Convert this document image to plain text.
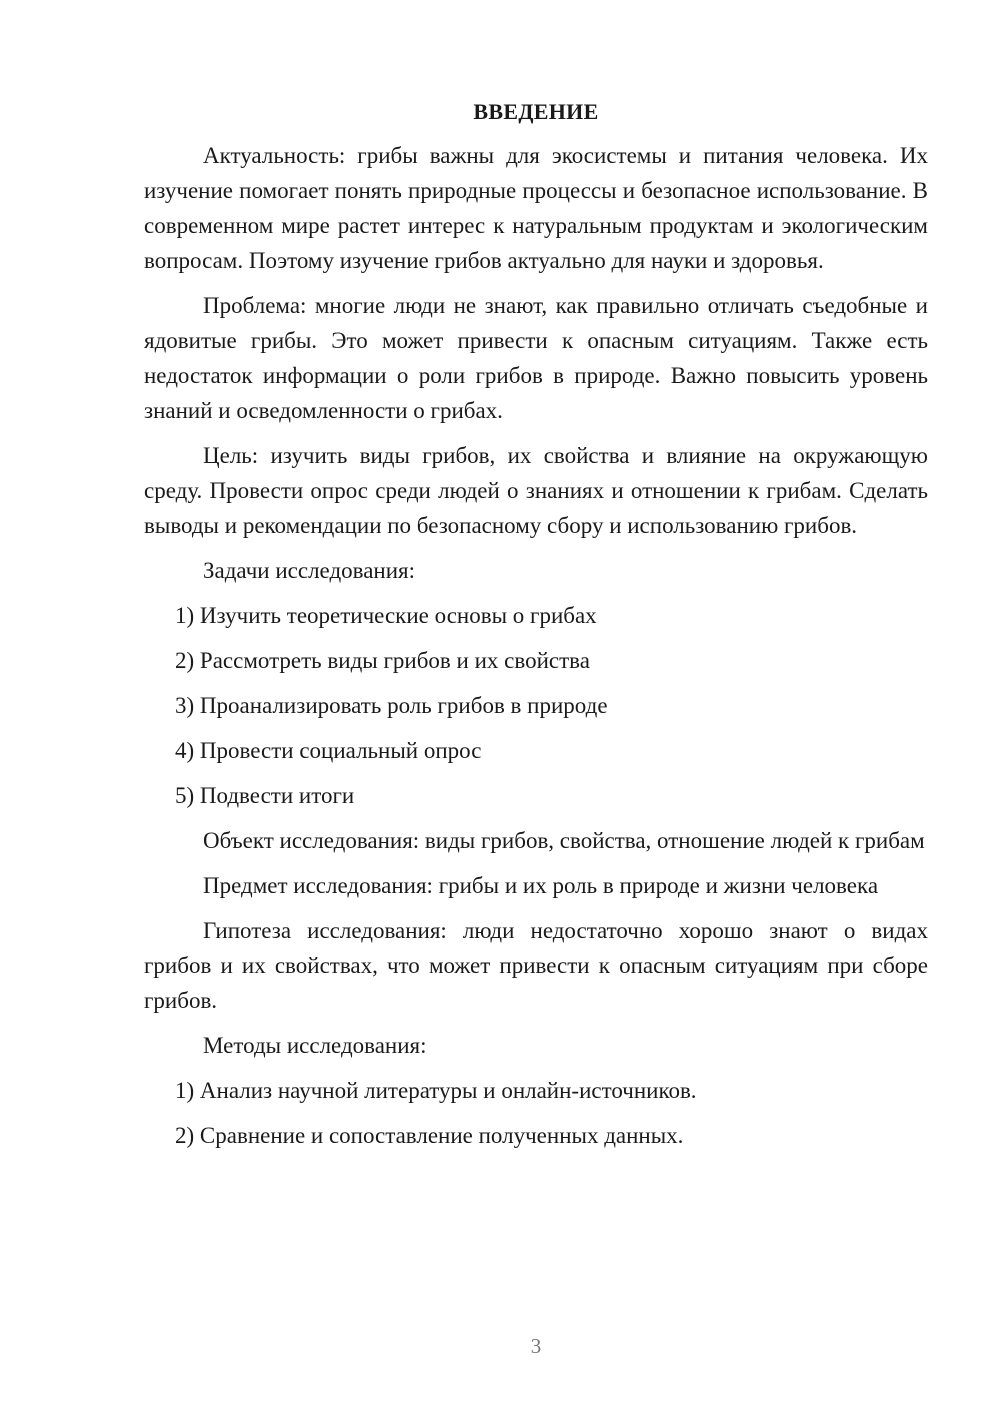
ВВЕДЕНИЕ

Актуальность: грибы важны для экосистемы и питания человека. Их изучение помогает понять природные процессы и безопасное использование. В современном мире растет интерес к натуральным продуктам и экологическим вопросам. Поэтому изучение грибов актуально для науки и здоровья.

Проблема: многие люди не знают, как правильно отличать съедобные и ядовитые грибы. Это может привести к опасным ситуациям. Также есть недостаток информации о роли грибов в природе. Важно повысить уровень знаний и осведомленности о грибах.

Цель: изучить виды грибов, их свойства и влияние на окружающую среду. Провести опрос среди людей о знаниях и отношении к грибам. Сделать выводы и рекомендации по безопасному сбору и использованию грибов.

Задачи исследования:
1) Изучить теоретические основы о грибах
2) Рассмотреть виды грибов и их свойства
3) Проанализировать роль грибов в природе
4) Провести социальный опрос
5) Подвести итоги

Объект исследования: виды грибов, свойства, отношение людей к грибам

Предмет исследования: грибы и их роль в природе и жизни человека

Гипотеза исследования: люди недостаточно хорошо знают о видах грибов и их свойствах, что может привести к опасным ситуациям при сборе грибов.

Методы исследования:
1) Анализ научной литературы и онлайн-источников.
2) Сравнение и сопоставление полученных данных.
3
